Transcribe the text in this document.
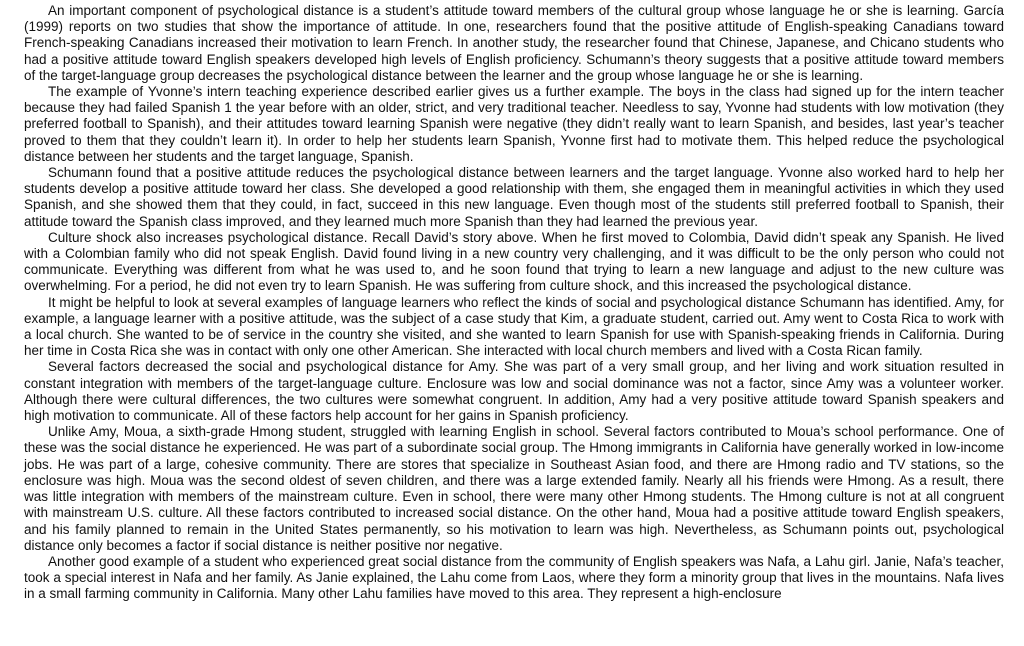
An important component of psychological distance is a student’s attitude toward members of the cultural group whose language he or she is learning. García (1999) reports on two studies that show the importance of attitude. In one, researchers found that the positive attitude of English-speaking Canadians toward French-speaking Canadians increased their motivation to learn French. In another study, the researcher found that Chinese, Japanese, and Chicano students who had a positive attitude toward English speakers developed high levels of English proficiency. Schumann’s theory suggests that a positive attitude toward members of the target-language group decreases the psychological distance between the learner and the group whose language he or she is learning.

The example of Yvonne’s intern teaching experience described earlier gives us a further example. The boys in the class had signed up for the intern teacher because they had failed Spanish 1 the year before with an older, strict, and very traditional teacher. Needless to say, Yvonne had students with low motivation (they preferred football to Spanish), and their attitudes toward learning Spanish were negative (they didn’t really want to learn Spanish, and besides, last year’s teacher proved to them that they couldn’t learn it). In order to help her students learn Spanish, Yvonne first had to motivate them. This helped reduce the psychological distance between her students and the target language, Spanish.

Schumann found that a positive attitude reduces the psychological distance between learners and the target language. Yvonne also worked hard to help her students develop a positive attitude toward her class. She developed a good relationship with them, she engaged them in meaningful activities in which they used Spanish, and she showed them that they could, in fact, succeed in this new language. Even though most of the students still preferred football to Spanish, their attitude toward the Spanish class improved, and they learned much more Spanish than they had learned the previous year.

Culture shock also increases psychological distance. Recall David’s story above. When he first moved to Colombia, David didn’t speak any Spanish. He lived with a Colombian family who did not speak English. David found living in a new country very challenging, and it was difficult to be the only person who could not communicate. Everything was different from what he was used to, and he soon found that trying to learn a new language and adjust to the new culture was overwhelming. For a period, he did not even try to learn Spanish. He was suffering from culture shock, and this increased the psychological distance.

It might be helpful to look at several examples of language learners who reflect the kinds of social and psychological distance Schumann has identified. Amy, for example, a language learner with a positive attitude, was the subject of a case study that Kim, a graduate student, carried out. Amy went to Costa Rica to work with a local church. She wanted to be of service in the country she visited, and she wanted to learn Spanish for use with Spanish-speaking friends in California. During her time in Costa Rica she was in contact with only one other American. She interacted with local church members and lived with a Costa Rican family.

Several factors decreased the social and psychological distance for Amy. She was part of a very small group, and her living and work situation resulted in constant integration with members of the target-language culture. Enclosure was low and social dominance was not a factor, since Amy was a volunteer worker. Although there were cultural differences, the two cultures were somewhat congruent. In addition, Amy had a very positive attitude toward Spanish speakers and high motivation to communicate. All of these factors help account for her gains in Spanish proficiency.

Unlike Amy, Moua, a sixth-grade Hmong student, struggled with learning English in school. Several factors contributed to Moua’s school performance. One of these was the social distance he experienced. He was part of a subordinate social group. The Hmong immigrants in California have generally worked in low-income jobs. He was part of a large, cohesive community. There are stores that specialize in Southeast Asian food, and there are Hmong radio and TV stations, so the enclosure was high. Moua was the second oldest of seven children, and there was a large extended family. Nearly all his friends were Hmong. As a result, there was little integration with members of the mainstream culture. Even in school, there were many other Hmong students. The Hmong culture is not at all congruent with mainstream U.S. culture. All these factors contributed to increased social distance. On the other hand, Moua had a positive attitude toward English speakers, and his family planned to remain in the United States permanently, so his motivation to learn was high. Nevertheless, as Schumann points out, psychological distance only becomes a factor if social distance is neither positive nor negative.

Another good example of a student who experienced great social distance from the community of English speakers was Nafa, a Lahu girl. Janie, Nafa’s teacher, took a special interest in Nafa and her family. As Janie explained, the Lahu come from Laos, where they form a minority group that lives in the mountains. Nafa lives in a small farming community in California. Many other Lahu families have moved to this area. They represent a high-enclosure
